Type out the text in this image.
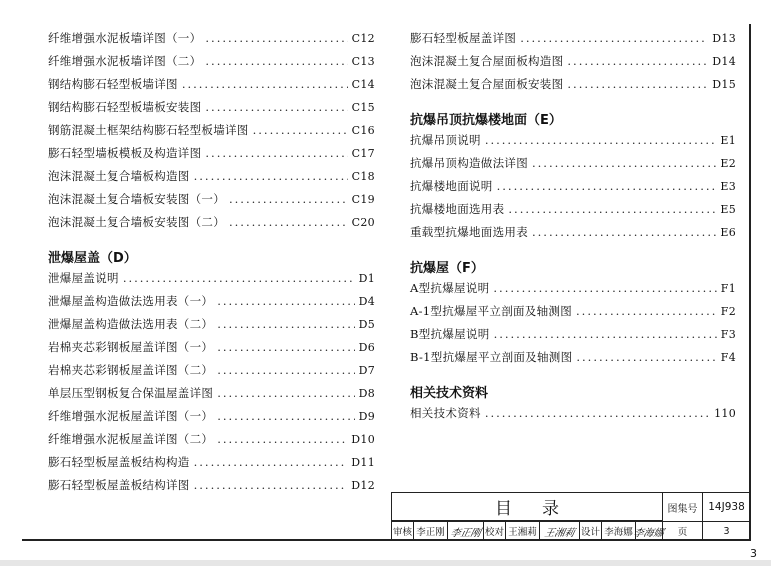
纤维增强水泥板墙详图（一） .....	C12
纤维增强水泥板墙详图（二） .....	C13
钢结构膨石轻型板墙详图 .....	C14
钢结构膨石轻型板墙板安装图 .....	C15
钢筋混凝土框架结构膨石轻型板墙详图 .....	C16
膨石轻型墙板模板及构造详图 .....	C17
泡沫混凝土复合墙板构造图 .....	C18
泡沫混凝土复合墙板安装图（一） .....	C19
泡沫混凝土复合墙板安装图（二） .....	C20
泄爆屋盖（D）
泄爆屋盖说明 .....	D1
泄爆屋盖构造做法选用表（一） .....	D4
泄爆屋盖构造做法选用表（二） .....	D5
岩棉夹芯彩钢板屋盖详图（一） .....	D6
岩棉夹芯彩钢板屋盖详图（二） .....	D7
单层压型钢板复合保温屋盖详图 .....	D8
纤维增强水泥板屋盖详图（一） .....	D9
纤维增强水泥板屋盖详图（二） .....	D10
膨石轻型板屋盖板结构构造 .....	D11
膨石轻型板屋盖板结构详图 .....	D12
膨石轻型板屋盖详图 .....	D13
泡沫混凝土复合屋面板构造图 .....	D14
泡沫混凝土复合屋面板安装图 .....	D15
抗爆吊顶抗爆楼地面（E）
抗爆吊顶说明 .....	E1
抗爆吊顶构造做法详图 .....	E2
抗爆楼地面说明 .....	E3
抗爆楼地面选用表 .....	E5
重载型抗爆地面选用表 .....	E6
抗爆屋（F）
A型抗爆屋说明 .....	F1
A-1型抗爆屋平立剖面及轴测图 .....	F2
B型抗爆屋说明 .....	F3
B-1型抗爆屋平立剖面及轴测图 .....	F4
相关技术资料
相关技术资料 .....	110
目录	图集号	14J938
审核 李正刚 李正刚 校对 王湘莉 王湘莉 设计 李海娜 李海娜	页	3
3
